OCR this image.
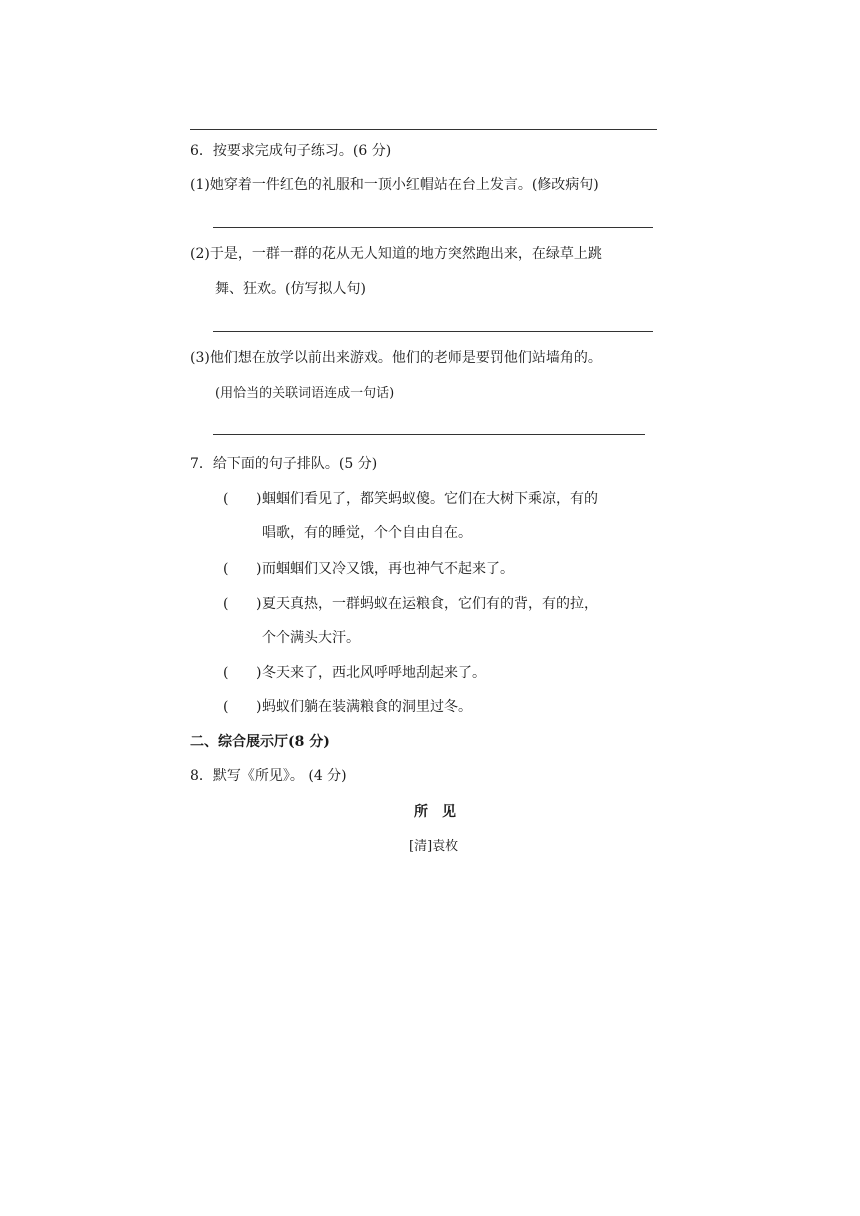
6．按要求完成句子练习。(6 分)
(1)她穿着一件红色的礼服和一顶小红帽站在台上发言。(修改病句)
(2)于是，一群一群的花从无人知道的地方突然跑出来，在绿草上跳
舞、狂欢。(仿写拟人句)
(3)他们想在放学以前出来游戏。他们的老师是要罚他们站墙角的。
(用恰当的关联词语连成一句话)
7．给下面的句子排队。(5 分)
( ) 蝈蝈们看见了，都笑蚂蚁傻。它们在大树下乘凉，有的
唱歌，有的睡觉，个个自由自在。
( ) 而蝈蝈们又冷又饿，再也神气不起来了。
( ) 夏天真热，一群蚂蚁在运粮食，它们有的背，有的拉，
个个满头大汗。
( ) 冬天来了，西北风呼呼地刮起来了。
( ) 蚂蚁们躺在装满粮食的洞里过冬。
二、综合展示厅(8 分)
8．默写《所见》。 (4 分)
所　见
[清]袁枚
